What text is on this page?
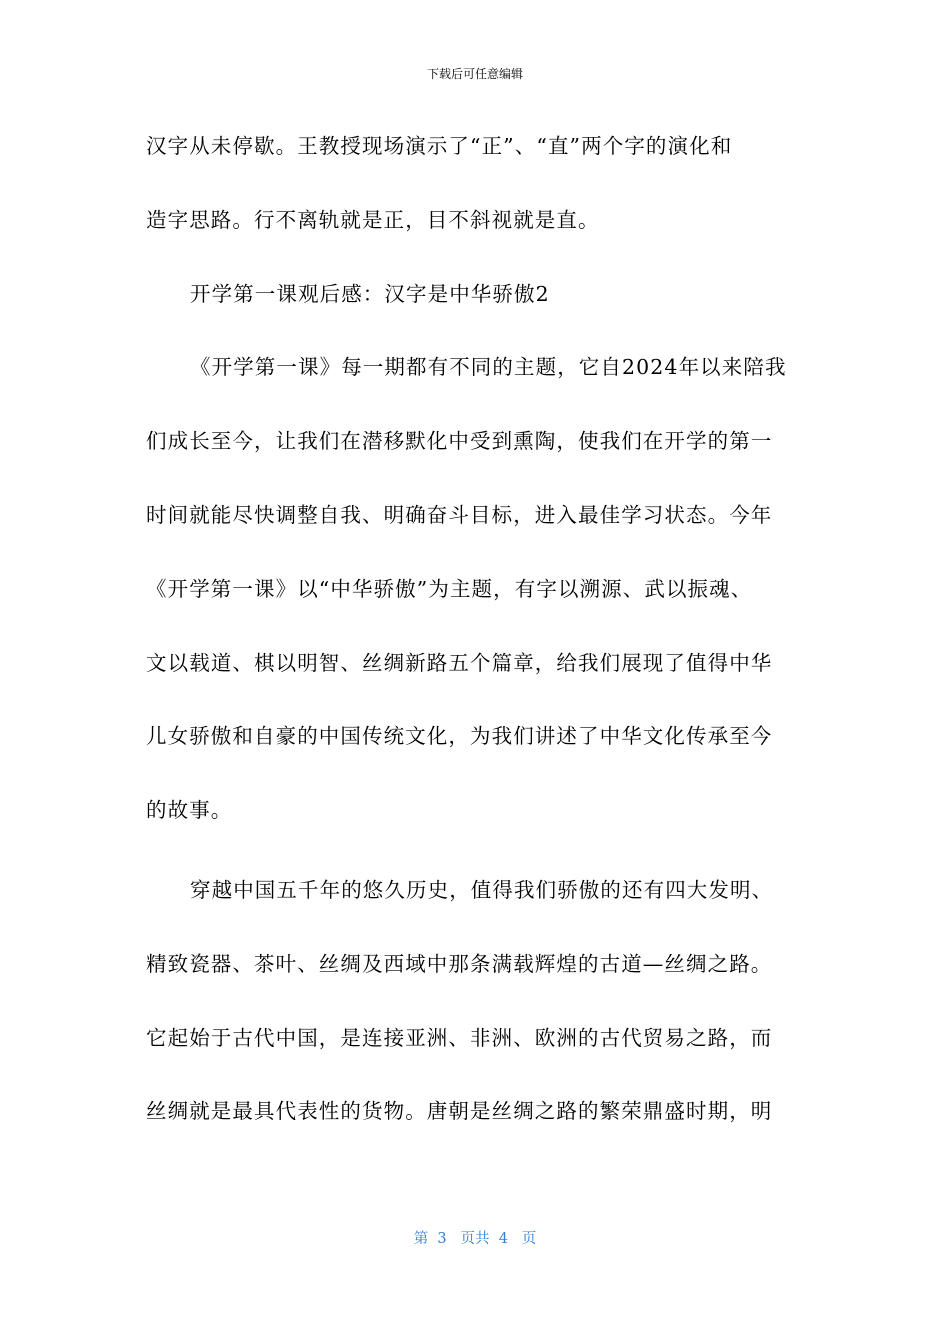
下载后可任意编辑
汉字从未停歇。王教授现场演示了“正”、“直”两个字的演化和
造字思路。行不离轨就是正，目不斜视就是直。
开学第一课观后感：汉字是中华骄傲2
《开学第一课》每一期都有不同的主题，它自2024年以来陪我
们成长至今，让我们在潜移默化中受到熏陶，使我们在开学的第一
时间就能尽快调整自我、明确奋斗目标，进入最佳学习状态。今年
《开学第一课》以“中华骄傲”为主题，有字以溯源、武以振魂、
文以载道、棋以明智、丝绸新路五个篇章，给我们展现了值得中华
儿女骄傲和自豪的中国传统文化，为我们讲述了中华文化传承至今
的故事。
穿越中国五千年的悠久历史，值得我们骄傲的还有四大发明、
精致瓷器、茶叶、丝绸及西域中那条满载辉煌的古道—丝绸之路。
它起始于古代中国，是连接亚洲、非洲、欧洲的古代贸易之路，而
丝绸就是最具代表性的货物。唐朝是丝绸之路的繁荣鼎盛时期，明
第  3   页共  4   页
